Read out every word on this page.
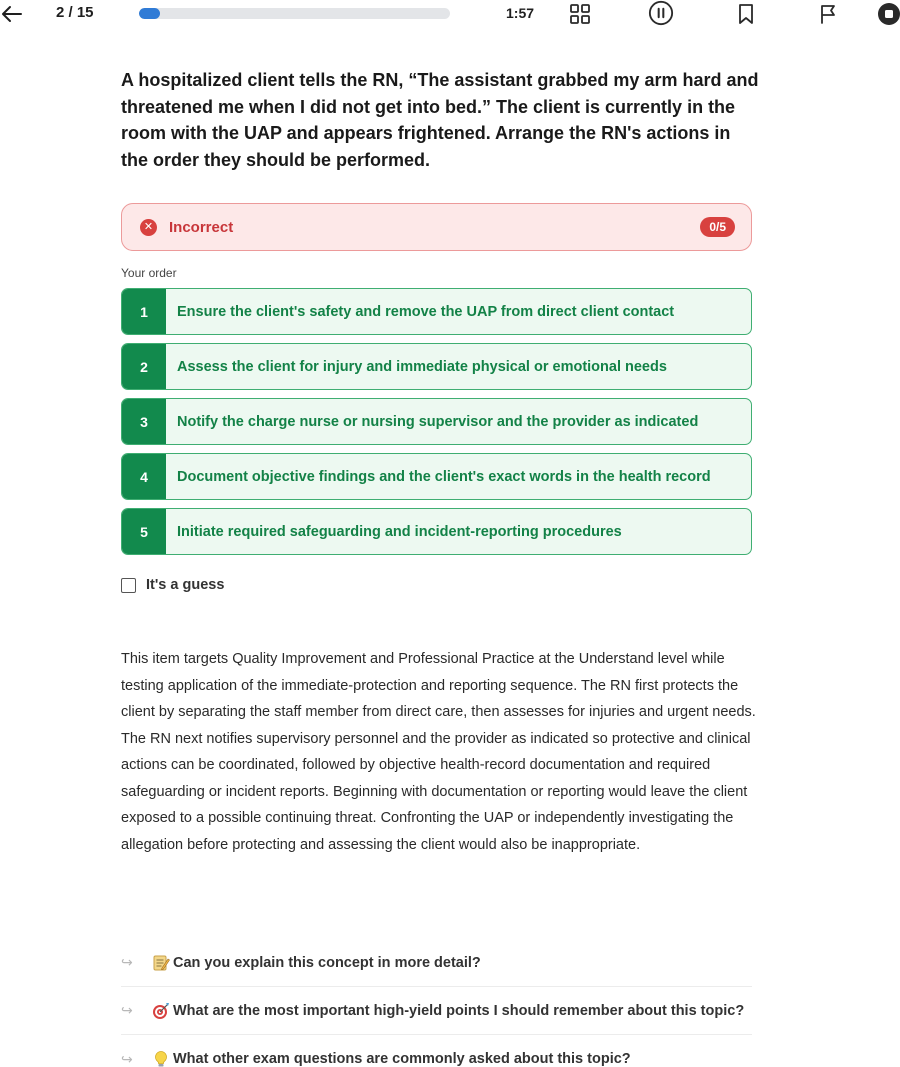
2 / 15	1:57
A hospitalized client tells the RN, “The assistant grabbed my arm hard and threatened me when I did not get into bed.” The client is currently in the room with the UAP and appears frightened. Arrange the RN's actions in the order they should be performed.
✕ Incorrect	0/5
Your order
1	Ensure the client's safety and remove the UAP from direct client contact
2	Assess the client for injury and immediate physical or emotional needs
3	Notify the charge nurse or nursing supervisor and the provider as indicated
4	Document objective findings and the client's exact words in the health record
5	Initiate required safeguarding and incident-reporting procedures
It's a guess
This item targets Quality Improvement and Professional Practice at the Understand level while testing application of the immediate-protection and reporting sequence. The RN first protects the client by separating the staff member from direct care, then assesses for injuries and urgent needs. The RN next notifies supervisory personnel and the provider as indicated so protective and clinical actions can be coordinated, followed by objective health-record documentation and required safeguarding or incident reports. Beginning with documentation or reporting would leave the client exposed to a possible continuing threat. Confronting the UAP or independently investigating the allegation before protecting and assessing the client would also be inappropriate.
↪	Can you explain this concept in more detail?
↪	What are the most important high-yield points I should remember about this topic?
↪	What other exam questions are commonly asked about this topic?
